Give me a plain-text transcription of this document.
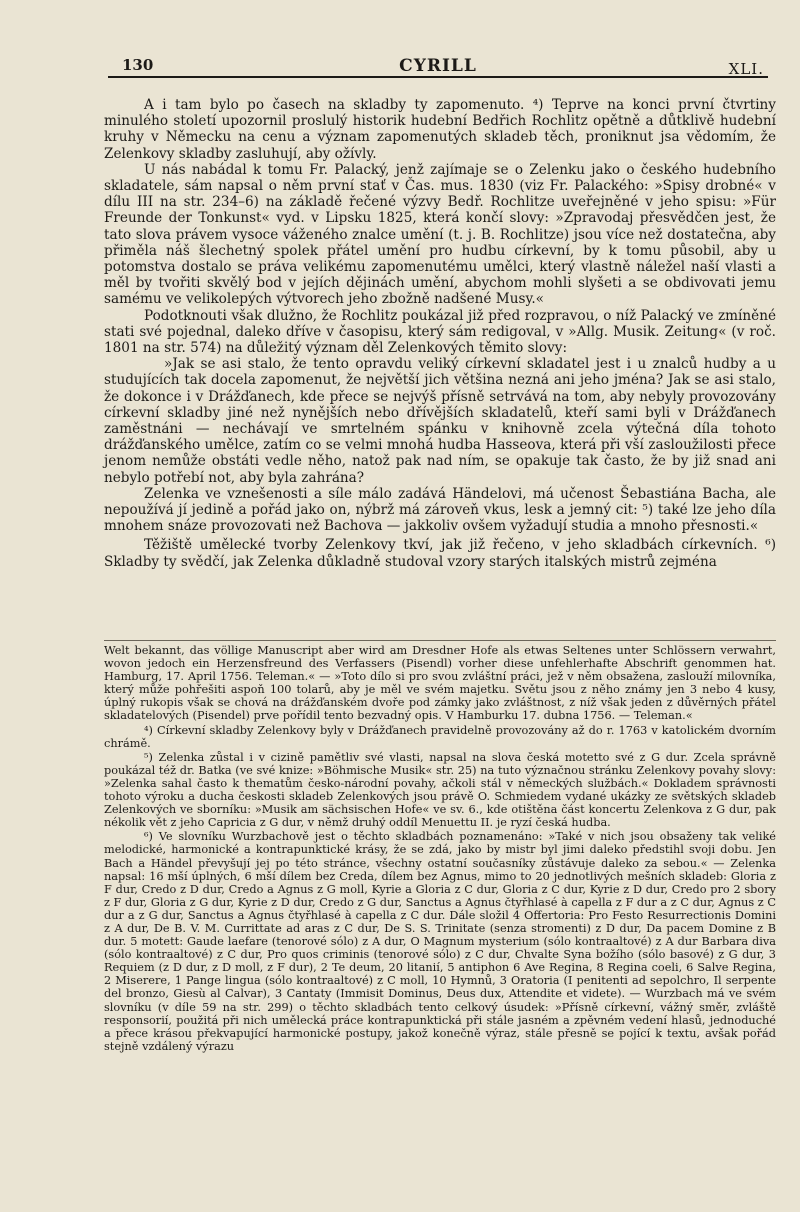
130	CYRILL	XLI.

A i tam bylo po časech na skladby ty zapomenuto. ⁴) Teprve na konci první čtvrtiny minulého století upozornil proslulý historik hudební Bedřich Rochlitz opětně a důtklivě hudební kruhy v Německu na cenu a význam zapomenutých skladeb těch, proniknut jsa vědomím, že Zelenkovy skladby zasluhují, aby ožívly.

U nás nabádal k tomu Fr. Palacký, jenž zajímaje se o Zelenku jako o českého hudebního skladatele, sám napsal o něm první stať v Čas. mus. 1830 (viz Fr. Palackého: »Spisy drobné« v dílu III na str. 234–6) na základě řečené výzvy Bedř. Rochlitze uveřejněné v jeho spisu: »Für Freunde der Tonkunst« vyd. v Lipsku 1825, která končí slovy: »Zpravodaj přesvědčen jest, že tato slova právem vysoce váženého znalce umění (t. j. B. Rochlitze) jsou více než dostatečna, aby přiměla náš šlechetný spolek přátel umění pro hudbu církevní, by k tomu působil, aby u potomstva dostalo se práva velikému zapomenutému umělci, který vlastně náležel naší vlasti a měl by tvořiti skvělý bod v jejích dějinách umění, abychom mohli slyšeti a se obdivovati jemu samému ve velikolepých výtvorech jeho zbožně nadšené Musy.«

Podotknouti však dlužno, že Rochlitz poukázal již před rozpravou, o níž Palacký ve zmíněné stati své pojednal, daleko dříve v časopisu, který sám redigoval, v »Allg. Musik. Zeitung« (v roč. 1801 na str. 574) na důležitý význam děl Zelenkových těmito slovy:

»Jak se asi stalo, že tento opravdu veliký církevní skladatel jest i u znalců hudby a u studujících tak docela zapomenut, že největší jich většina nezná ani jeho jména? Jak se asi stalo, že dokonce i v Drážďanech, kde přece se nejvýš přísně setrvává na tom, aby nebyly provozovány církevní skladby jiné než nynějších nebo dřívějších skladatelů, kteří sami byli v Drážďanech zaměstnáni — nechávají ve smrtelném spánku v knihovně zcela výtečná díla tohoto drážďanského umělce, zatím co se velmi mnohá hudba Hasseova, která při vší zasloužilosti přece jenom nemůže obstáti vedle něho, natož pak nad ním, se opakuje tak často, že by již snad ani nebylo potřebí not, aby byla zahrána?

Zelenka ve vznešenosti a síle málo zadává Händelovi, má učenost Šebastiána Bacha, ale nepoužívá jí jedině a pořád jako on, nýbrž má zároveň vkus, lesk a jemný cit: ⁵) také lze jeho díla mnohem snáze provozovati než Bachova — jakkoliv ovšem vyžadují studia a mnoho přesnosti.«

Těžiště umělecké tvorby Zelenkovy tkví, jak již řečeno, v jeho skladbách církevních. ⁶) Skladby ty svědčí, jak Zelenka důkladně studoval vzory starých italských mistrů zejména

Welt bekannt, das völlige Manuscript aber wird am Dresdner Hofe als etwas Seltenes unter Schlössern verwahrt, wovon jedoch ein Herzensfreund des Verfassers (Pisendl) vorher diese unfehlerhafte Abschrift genommen hat. Hamburg, 17. April 1756. Teleman.« — »Toto dílo si pro svou zvláštní práci, jež v něm obsažena, zaslouží milovníka, který může pohřešiti aspoň 100 tolarů, aby je měl ve svém majetku. Světu jsou z něho známy jen 3 nebo 4 kusy, úplný rukopis však se chová na drážďanském dvoře pod zámky jako zvláštnost, z níž však jeden z důvěrných přátel skladatelových (Pisendel) prve pořídil tento bezvadný opis. V Hamburku 17. dubna 1756. — Teleman.«

⁴) Církevní skladby Zelenkovy byly v Drážďanech pravidelně provozovány až do r. 1763 v katolickém dvorním chrámě.

⁵) Zelenka zůstal i v cizině pamětliv své vlasti, napsal na slova česká motetto své z G dur. Zcela správně poukázal též dr. Batka (ve své knize: »Böhmische Musik« str. 25) na tuto význačnou stránku Zelenkovy povahy slovy: »Zelenka sahal často k thematům česko-národní povahy, ačkoli stál v německých službách.« Dokladem správnosti tohoto výroku a ducha českosti skladeb Zelenkových jsou právě O. Schmiedem vydané ukázky ze světských skladeb Zelenkových ve sborníku: »Musik am sächsischen Hofe« ve sv. 6., kde otištěna část koncertu Zelenkova z G dur, pak nékolik vět z jeho Capricia z G dur, v němž druhý oddíl Menuettu II. je ryzí česká hudba.

⁶) Ve slovníku Wurzbachově jest o těchto skladbách poznamenáno: »Také v nich jsou obsaženy tak veliké melodické, harmonické a kontrapunktické krásy, že se zdá, jako by mistr byl jimi daleko předstihl svoji dobu. Jen Bach a Händel převyšují jej po této stránce, všechny ostatní současníky zůstávuje daleko za sebou.« — Zelenka napsal: 16 mší úplných, 6 mší dílem bez Creda, dílem bez Agnus, mimo to 20 jednotlivých mešních skladeb: Gloria z F dur, Credo z D dur, Credo a Agnus z G moll, Kyrie a Gloria z C dur, Gloria z C dur, Kyrie z D dur, Credo pro 2 sbory z F dur, Gloria z G dur, Kyrie z D dur, Credo z G dur, Sanctus a Agnus čtyřhlasé à capella z F dur a z C dur, Agnus z C dur a z G dur, Sanctus a Agnus čtyřhlasé à capella z C dur. Dále složil 4 Offertoria: Pro Festo Resurrectionis Domini z A dur, De B. V. M. Currittate ad aras z C dur, De S. S. Trinitate (senza stromenti) z D dur, Da pacem Domine z B dur. 5 motett: Gaude laefare (tenorové sólo) z A dur, O Magnum mysterium (sólo kontraaltové) z A dur Barbara diva (sólo kontraaltové) z C dur, Pro quos criminis (tenorové sólo) z C dur, Chvalte Syna božího (sólo basové) z G dur, 3 Requiem (z D dur, z D moll, z F dur), 2 Te deum, 20 litanií, 5 antiphon 6 Ave Regina, 8 Regina coeli, 6 Salve Regina, 2 Miserere, 1 Pange lingua (sólo kontraaltové) z C moll, 10 Hymnů, 3 Oratoria (I penitenti ad sepolchro, Il serpente del bronzo, Giesù al Calvar), 3 Cantaty (Immisit Dominus, Deus dux, Attendite et videte). — Wurzbach má ve svém slovníku (v díle 59 na str. 299) o těchto skladbách tento celkový úsudek: »Přísně církevní, vážný směr, zvláště responsorií, použitá při nich umělecká práce kontrapunktická při stále jasném a zpěvném vedení hlasů, jednoduché a přece krásou překvapující harmonické postupy, jakož konečně výraz, stále přesně se pojící k textu, avšak pořád stejně vzdálený výrazu
